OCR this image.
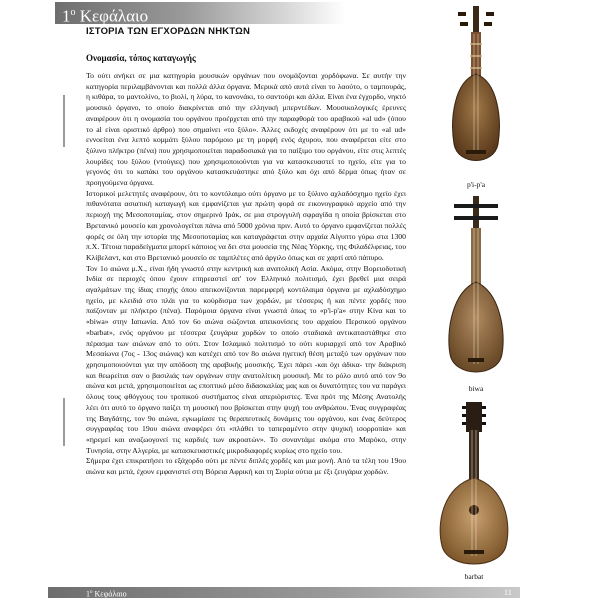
$1^o$ Κεφάλαιο
ΙΣΤΟΡΙΑ ΤΩΝ ΕΓΧΟΡΔΩΝ ΝΗΚΤΩΝ
Ονομασία, τόπος καταγωγής

Το ούτι ανήκει σε μια κατηγορία μουσικών οργάνων που ονομάζονται χορδόφωνα. Σε αυτήν την κατηγορία περιλαμβάνονται και πολλά άλλα όργανα. Μερικά από αυτά είναι το λαούτο, ο ταμπουράς, η κιθάρα, το μαντολίνο, το βιολί, η λύρα, το κανονάκι, το σαντούρι και άλλα. Είναι ένα έγχορδο, νηκτό μουσικό όργανο, το οποίο διακρίνεται από την ελληνική μπερντέδων. Μουσικολογικές έρευνες αναφέρουν ότι η ονομασία του οργάνου προέρχεται από την παραφθορά του αραβικού «al ud» (όπου το al είναι οριστικό άρθρο) που σημαίνει «το ξύλο». Άλλες εκδοχές αναφέρουν ότι με το «al ud» εννοείται ένα λεπτό κομμάτι ξύλου παρόμοιο με τη μορφή ενός άχυρου, που αναφέρεται είτε στο ξύλινο πλήκτρο (πένα) που χρησιμοποιείται παραδοσιακά για το παίξιμο του οργάνου, είτε στις λεπτές λουρίδες του ξύλου (ντούγιες) που χρησιμοποιούνται για να κατασκευαστεί το ηχείο, είτε για το γεγονός ότι το καπάκι του οργάνου κατασκευάστηκε από ξύλο και όχι από δέρμα όπως ήταν σε προηγούμενα όργανα.

Ιστορικοί μελετητές αναφέρουν, ότι το κοντόλαιμο ούτι όργανο με το ξύλινο αχλαδόσχημο ηχείο έχει πιθανότατα ασιατική καταγωγή και εμφανίζεται για πρώτη φορά σε εικονογραφικό αρχείο από την περιοχή της Μεσοποταμίας, στον σημερινό Ιράκ, σε μια στρογγυλή σφραγίδα η οποία βρίσκεται στο Βρετανικό μουσείο και χρονολογείται πάνω από 5000 χρόνια πριν. Αυτό το όργανο εμφανίζεται πολλές φορές σε όλη την ιστορία της Μεσοποταμίας και καταγράφεται στην αρχαία Αίγυπτο γύρω στα 1300 π.Χ. Τέτοια παραδείγματα μπορεί κάποιος να δει στα μουσεία της Νέας Υόρκης, της Φιλαδέλφειας, του Κλίβελαντ, και στο Βρετανικό μουσείο σε ταμπλέτες από άργιλο όπως και σε χαρτί από πάπυρο.

Τον 1ο αιώνα μ.Χ., είναι ήδη γνωστό στην κεντρική και ανατολική Ασία. Ακόμα, στην Βορειοδυτική Ινδία σε περιοχές όπου έχουν επηρεαστεί απ' τον Ελληνικό πολιτισμό, έχει βρεθεί μια σειρά αγαλμάτων της ίδιας εποχής όπου απεικονίζονται παρεμφερή κοντόλαιμα όργανα με αχλαδόσχημο ηχείο, με κλειδιά στο πλάι για το κούρδισμα των χορδών, με τέσσερις ή και πέντε χορδές που παίζονταν με πλήκτρο (πένα). Παρόμοια όργανα είναι γνωστά όπως το «p'i-p'a» στην Κίνα και το «biwa» στην Ιαπωνία. Από τον 6ο αιώνα σώζονται απεικονίσεις του αρχαίου Περσικού οργάνου «barbat», ενός οργάνου με τέσσερα ζευγάρια χορδών το οποίο σταδιακά αντικαταστάθηκε στο πέρασμα των αιώνων από το ούτι. Στον Ισλαμικό πολιτισμό το ούτι κυριαρχεί από τον Αραβικό Μεσαίωνα (7ος - 13ος αιώνας) και κατέχει από τον 8ο αιώνα ηγετική θέση μεταξύ των οργάνων που χρησιμοποιούνται για την απόδοση της αραβικής μουσικής. Έχει πάρει -και όχι άδικα- την διάκριση και θεωρείται σαν ο βασιλιάς των οργάνων στην ανατολίτικη μουσική. Με το ρόλο αυτό από τον 9ο αιώνα και μετά, χρησιμοποιείται ως εποπτικό μέσο διδασκαλίας μας και οι δυνατότητες του να παράγει όλους τους φθόγγους του τροπικού συστήματος είναι απεριόριστες. Ένα πρότ της Μέσης Ανατολής λέει ότι αυτό το όργανο παίζει τη μουσική που βρίσκεται στην ψυχή του ανθρώπου. Ένας συγγραφέας της Βαγδάτης, τον 9ο αιώνα, εγκωμίασε τις θεραπευτικές δυνάμεις του οργάνου, και ένας δεύτερος συγγραφέας του 19ου αιώνα αναφέρει ότι «πλάθει το ταπεραμέντο στην ψυχική ισορροπία» και «ηρεμεί και αναζωογονεί τις καρδιές των ακροατών». Το συναντάμε ακόμα στο Μαρόκο, στην Τυνησία, στην Αλγερία, με κατασκευαστικές μικροδιαφορές κυρίως στο ηχείο του.

Σήμερα έχει επικρατήσει το εξάχορδο ούτι με πέντε διπλές χορδές και μια μονή. Από τα τέλη του 19ου αιώνα και μετά, έχουν εμφανιστεί στη Βόρεια Αφρική και τη Συρία ούτια με έξι ζευγάρια χορδών.

p'i-p'a
biwa
barbat
$1^o$ Κεφάλαιο	11
